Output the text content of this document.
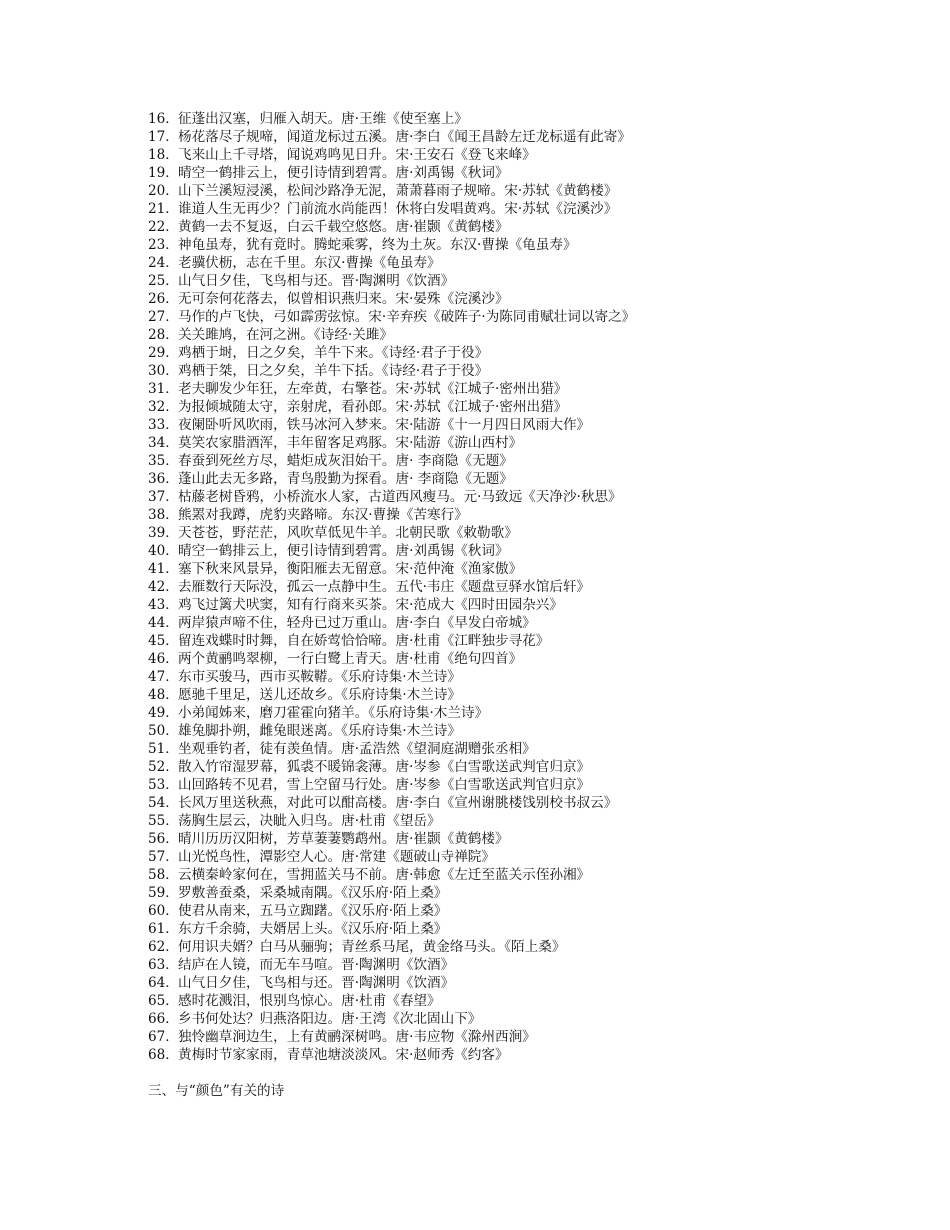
16．征蓬出汉塞，归雁入胡天。唐·王维《使至塞上》
17．杨花落尽子规啼，闻道龙标过五溪。唐·李白《闻王昌龄左迁龙标遥有此寄》
18．飞来山上千寻塔，闻说鸡鸣见日升。宋·王安石《登飞来峰》
19．晴空一鹤排云上，便引诗情到碧霄。唐·刘禹锡《秋词》
20．山下兰溪短浸溪，松间沙路净无泥，萧萧暮雨子规啼。宋·苏轼《黄鹤楼》
21．谁道人生无再少？门前流水尚能西！休将白发唱黄鸡。宋·苏轼《浣溪沙》
22．黄鹤一去不复返，白云千载空悠悠。唐·崔颢《黄鹤楼》
23．神龟虽寿，犹有竟时。腾蛇乘雾，终为土灰。东汉·曹操《龟虽寿》
24．老骥伏枥，志在千里。东汉·曹操《龟虽寿》
25．山气日夕佳，飞鸟相与还。晋·陶渊明《饮酒》
26．无可奈何花落去，似曾相识燕归来。宋·晏殊《浣溪沙》
27．马作的卢飞快，弓如霹雳弦惊。宋·辛弃疾《破阵子·为陈同甫赋壮词以寄之》
28．关关雎鸠，在河之洲。《诗经·关雎》
29．鸡栖于埘，日之夕矣，羊牛下来。《诗经·君子于役》
30．鸡栖于桀，日之夕矣，羊牛下括。《诗经·君子于役》
31．老夫聊发少年狂，左牵黄，右擎苍。宋·苏轼《江城子·密州出猎》
32．为报倾城随太守，亲射虎，看孙郎。宋·苏轼《江城子·密州出猎》
33．夜阑卧听风吹雨，铁马冰河入梦来。宋·陆游《十一月四日风雨大作》
34．莫笑农家腊酒浑，丰年留客足鸡豚。宋·陆游《游山西村》
35．春蚕到死丝方尽，蜡炬成灰泪始干。唐· 李商隐《无题》
36．蓬山此去无多路，青鸟殷勤为探看。唐· 李商隐《无题》
37．枯藤老树昏鸦，小桥流水人家，古道西风瘦马。元·马致远《天净沙·秋思》
38．熊罴对我蹲，虎豹夹路啼。东汉·曹操《苦寒行》
39．天苍苍，野茫茫，风吹草低见牛羊。北朝民歌《敕勒歌》
40．晴空一鹤排云上，便引诗情到碧霄。唐·刘禹锡《秋词》
41．塞下秋来风景异，衡阳雁去无留意。宋·范仲淹《渔家傲》
42．去雁数行天际没，孤云一点静中生。五代·韦庄《题盘豆驿水馆后轩》
43．鸡飞过篱犬吠窦，知有行商来买茶。宋·范成大《四时田园杂兴》
44．两岸猿声啼不住，轻舟已过万重山。唐·李白《早发白帝城》
45．留连戏蝶时时舞，自在娇莺恰恰啼。唐·杜甫《江畔独步寻花》
46．两个黄鹂鸣翠柳，一行白鹭上青天。唐·杜甫《绝句四首》
47．东市买骏马，西市买鞍鞯。《乐府诗集·木兰诗》
48．愿驰千里足，送儿还故乡。《乐府诗集·木兰诗》
49．小弟闻姊来，磨刀霍霍向猪羊。《乐府诗集·木兰诗》
50．雄兔脚扑朔，雌兔眼迷离。《乐府诗集·木兰诗》
51．坐观垂钓者，徒有羡鱼情。唐·孟浩然《望洞庭湖赠张丞相》
52．散入竹帘湿罗幕，狐裘不暖锦衾薄。唐·岑参《白雪歌送武判官归京》
53．山回路转不见君，雪上空留马行处。唐·岑参《白雪歌送武判官归京》
54．长风万里送秋燕，对此可以酣高楼。唐·李白《宣州谢朓楼饯别校书叔云》
55．荡胸生层云，决眦入归鸟。唐·杜甫《望岳》
56．晴川历历汉阳树，芳草萋萋鹦鹉州。唐·崔颢《黄鹤楼》
57．山光悦鸟性，潭影空人心。唐·常建《题破山寺禅院》
58．云横秦岭家何在，雪拥蓝关马不前。唐·韩愈《左迁至蓝关示侄孙湘》
59．罗敷善蚕桑，采桑城南隅。《汉乐府·陌上桑》
60．使君从南来，五马立踟躇。《汉乐府·陌上桑》
61．东方千余骑，夫婿居上头。《汉乐府·陌上桑》
62．何用识夫婿？白马从骊驹；青丝系马尾，黄金络马头。《陌上桑》
63．结庐在人镜，而无车马喧。晋·陶渊明《饮酒》
64．山气日夕佳，飞鸟相与还。晋·陶渊明《饮酒》
65．感时花溅泪，恨别鸟惊心。唐·杜甫《春望》
66．乡书何处达？归燕洛阳边。唐·王湾《次北固山下》
67．独怜幽草涧边生，上有黄鹂深树鸣。唐·韦应物《滁州西涧》
68．黄梅时节家家雨，青草池塘淡淡风。宋·赵师秀《约客》
三、与“颜色”有关的诗
